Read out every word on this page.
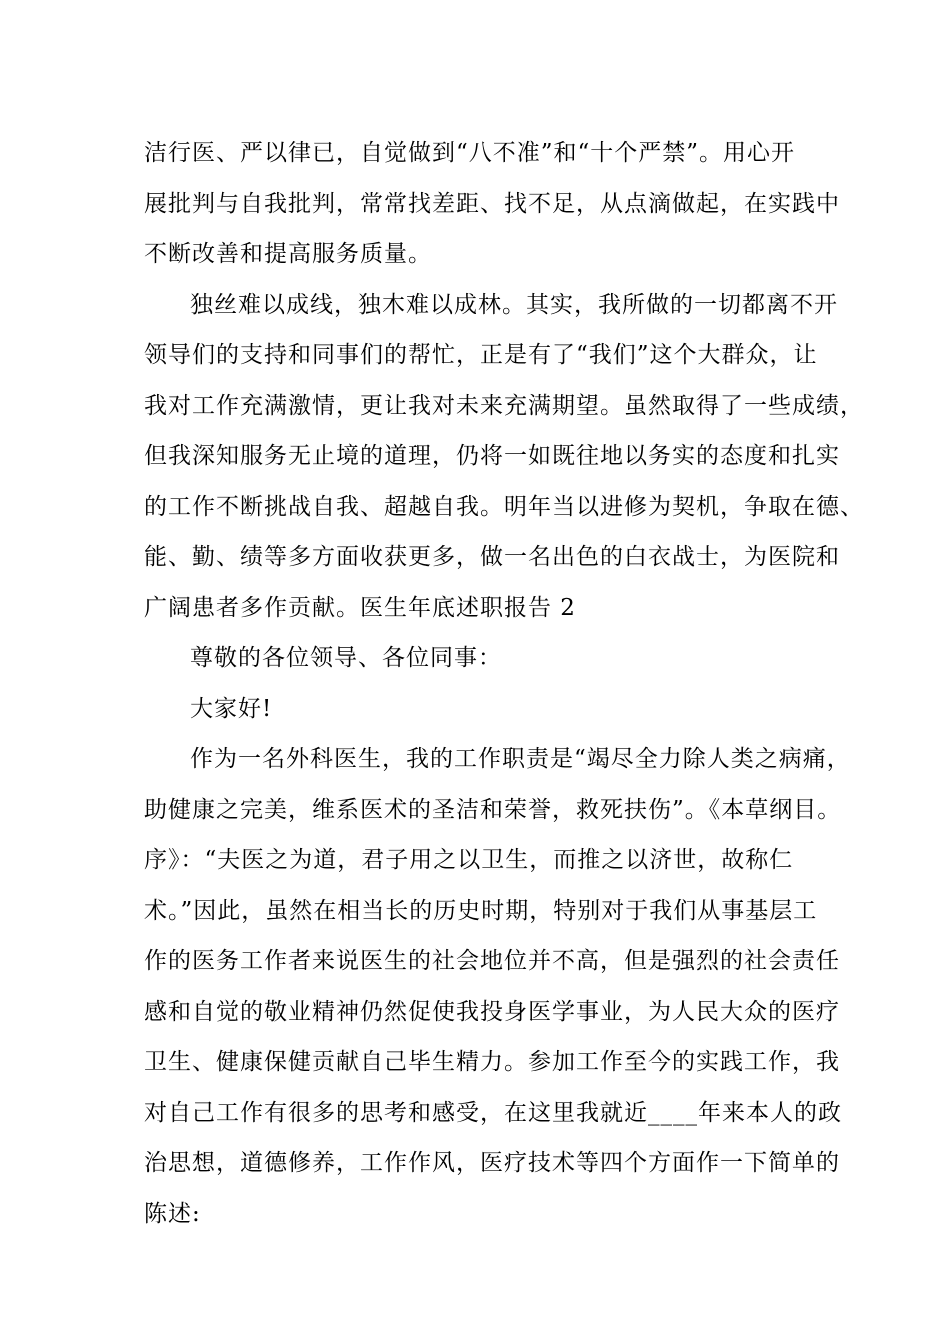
洁行医、严以律已，自觉做到“八不准”和“十个严禁”。用心开
展批判与自我批判，常常找差距、找不足，从点滴做起，在实践中
不断改善和提高服务质量。
独丝难以成线，独木难以成林。其实，我所做的一切都离不开
领导们的支持和同事们的帮忙，正是有了“我们”这个大群众，让
我对工作充满激情，更让我对未来充满期望。虽然取得了一些成绩，
但我深知服务无止境的道理，仍将一如既往地以务实的态度和扎实
的工作不断挑战自我、超越自我。明年当以进修为契机，争取在德、
能、勤、绩等多方面收获更多，做一名出色的白衣战士，为医院和
广阔患者多作贡献。医生年底述职报告 2
尊敬的各位领导、各位同事：
大家好!
作为一名外科医生，我的工作职责是“竭尽全力除人类之病痛，
助健康之完美，维系医术的圣洁和荣誉，救死扶伤”。《本草纲目。
序》：“夫医之为道，君子用之以卫生，而推之以济世，故称仁
术。”因此，虽然在相当长的历史时期，特别对于我们从事基层工
作的医务工作者来说医生的社会地位并不高，但是强烈的社会责任
感和自觉的敬业精神仍然促使我投身医学事业，为人民大众的医疗
卫生、健康保健贡献自己毕生精力。参加工作至今的实践工作，我
对自己工作有很多的思考和感受，在这里我就近____年来本人的政
治思想，道德修养，工作作风，医疗技术等四个方面作一下简单的
陈述:
